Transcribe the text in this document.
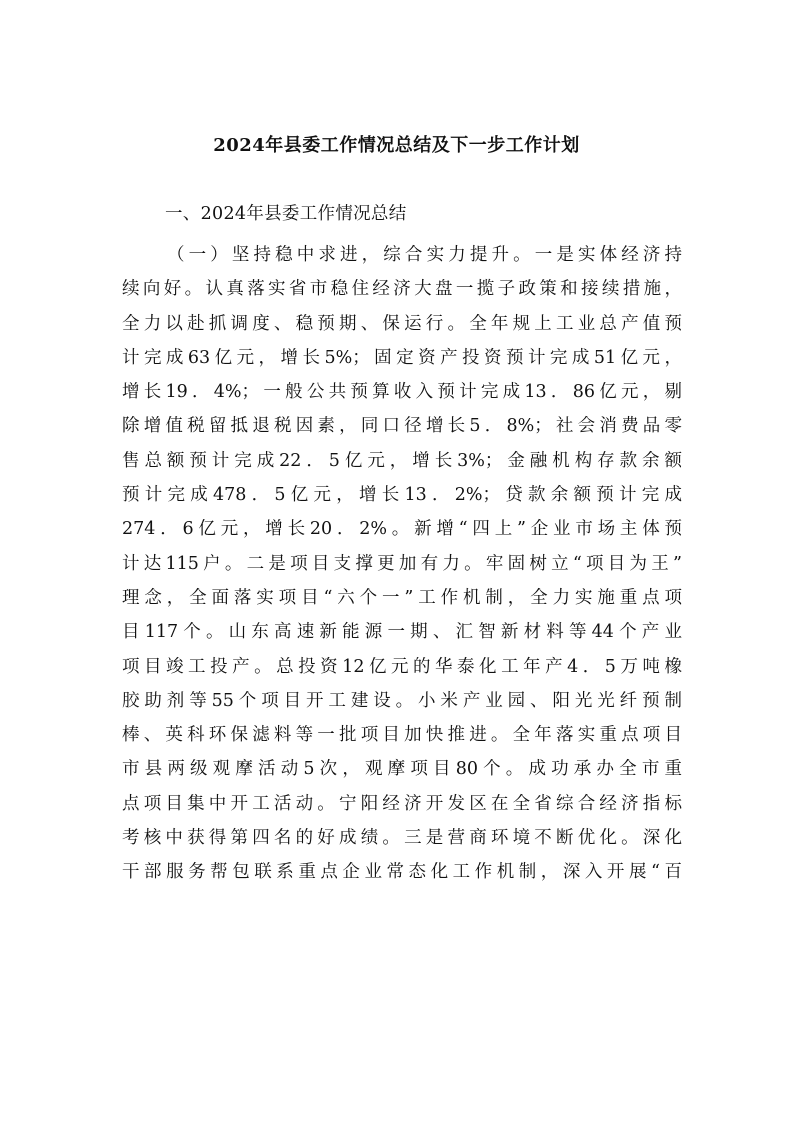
2024年县委工作情况总结及下一步工作计划
一、2024年县委工作情况总结
（一）坚持稳中求进，综合实力提升。一是实体经济持
续向好。认真落实省市稳住经济大盘一揽子政策和接续措施，
全力以赴抓调度、稳预期、保运行。全年规上工业总产值预
计完成63亿元，增长5%；固定资产投资预计完成51亿元，
增长19．4%；一般公共预算收入预计完成13．86亿元，剔
除增值税留抵退税因素，同口径增长5．8%；社会消费品零
售总额预计完成22．5亿元，增长3%；金融机构存款余额
预计完成478．5亿元，增长13．2%；贷款余额预计完成
274．6亿元，增长20．2%。新增“四上”企业市场主体预
计达115户。二是项目支撑更加有力。牢固树立“项目为王”
理念，全面落实项目“六个一”工作机制，全力实施重点项
目117个。山东高速新能源一期、汇智新材料等44个产业
项目竣工投产。总投资12亿元的华泰化工年产4．5万吨橡
胶助剂等55个项目开工建设。小米产业园、阳光光纤预制
棒、英科环保滤料等一批项目加快推进。全年落实重点项目
市县两级观摩活动5次，观摩项目80个。成功承办全市重
点项目集中开工活动。宁阳经济开发区在全省综合经济指标
考核中获得第四名的好成绩。三是营商环境不断优化。深化
干部服务帮包联系重点企业常态化工作机制，深入开展“百
